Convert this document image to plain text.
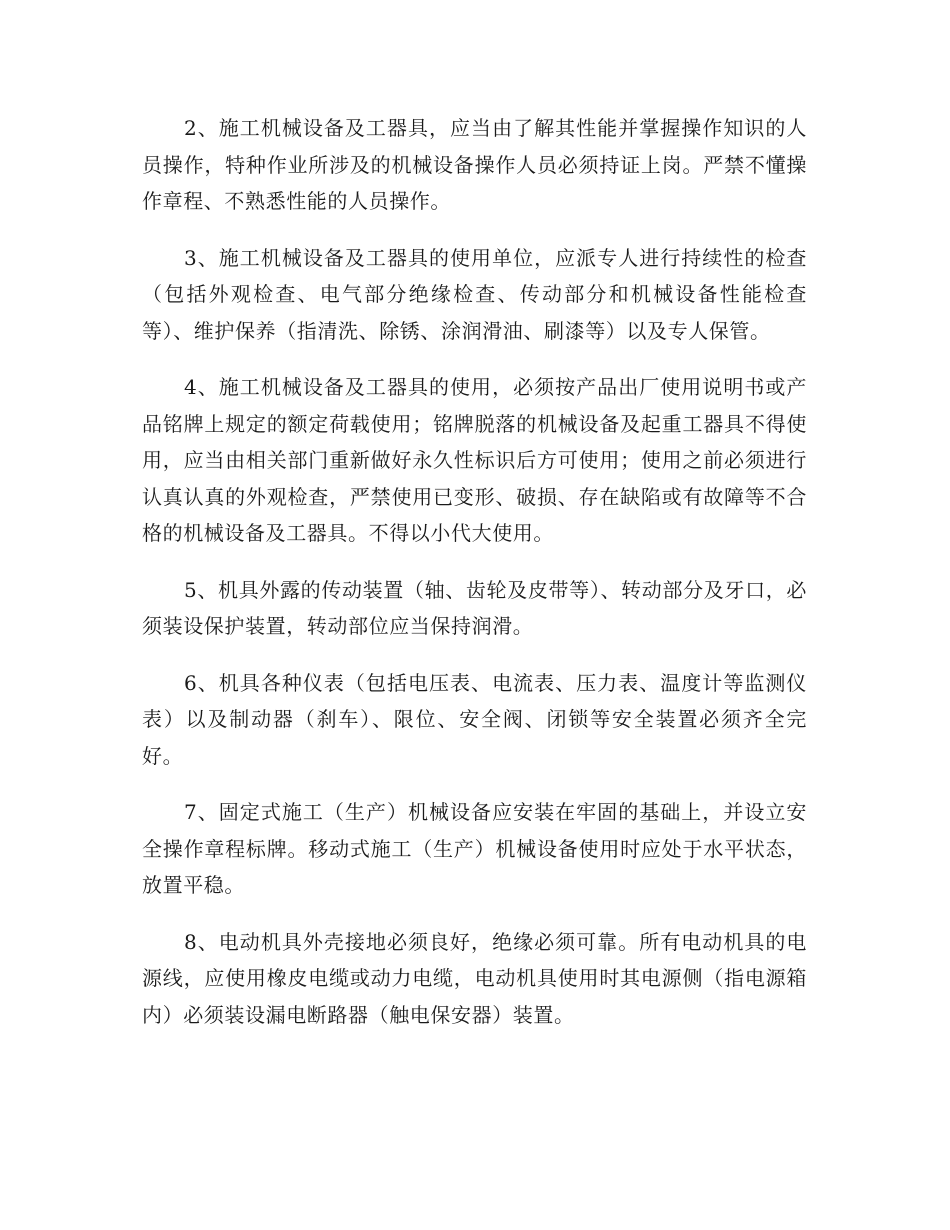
2、施工机械设备及工器具，应当由了解其性能并掌握操作知识的人员操作，特种作业所涉及的机械设备操作人员必须持证上岗。严禁不懂操作章程、不熟悉性能的人员操作。

3、施工机械设备及工器具的使用单位，应派专人进行持续性的检查（包括外观检查、电气部分绝缘检查、传动部分和机械设备性能检查等）、维护保养（指清洗、除锈、涂润滑油、刷漆等）以及专人保管。

4、施工机械设备及工器具的使用，必须按产品出厂使用说明书或产品铭牌上规定的额定荷载使用；铭牌脱落的机械设备及起重工器具不得使用，应当由相关部门重新做好永久性标识后方可使用；使用之前必须进行认真认真的外观检查，严禁使用已变形、破损、存在缺陷或有故障等不合格的机械设备及工器具。不得以小代大使用。

5、机具外露的传动装置（轴、齿轮及皮带等）、转动部分及牙口，必须装设保护装置，转动部位应当保持润滑。

6、机具各种仪表（包括电压表、电流表、压力表、温度计等监测仪表）以及制动器（刹车）、限位、安全阀、闭锁等安全装置必须齐全完好。

7、固定式施工（生产）机械设备应安装在牢固的基础上，并设立安全操作章程标牌。移动式施工（生产）机械设备使用时应处于水平状态，放置平稳。

8、电动机具外壳接地必须良好，绝缘必须可靠。所有电动机具的电源线，应使用橡皮电缆或动力电缆，电动机具使用时其电源侧（指电源箱内）必须装设漏电断路器（触电保安器）装置。
